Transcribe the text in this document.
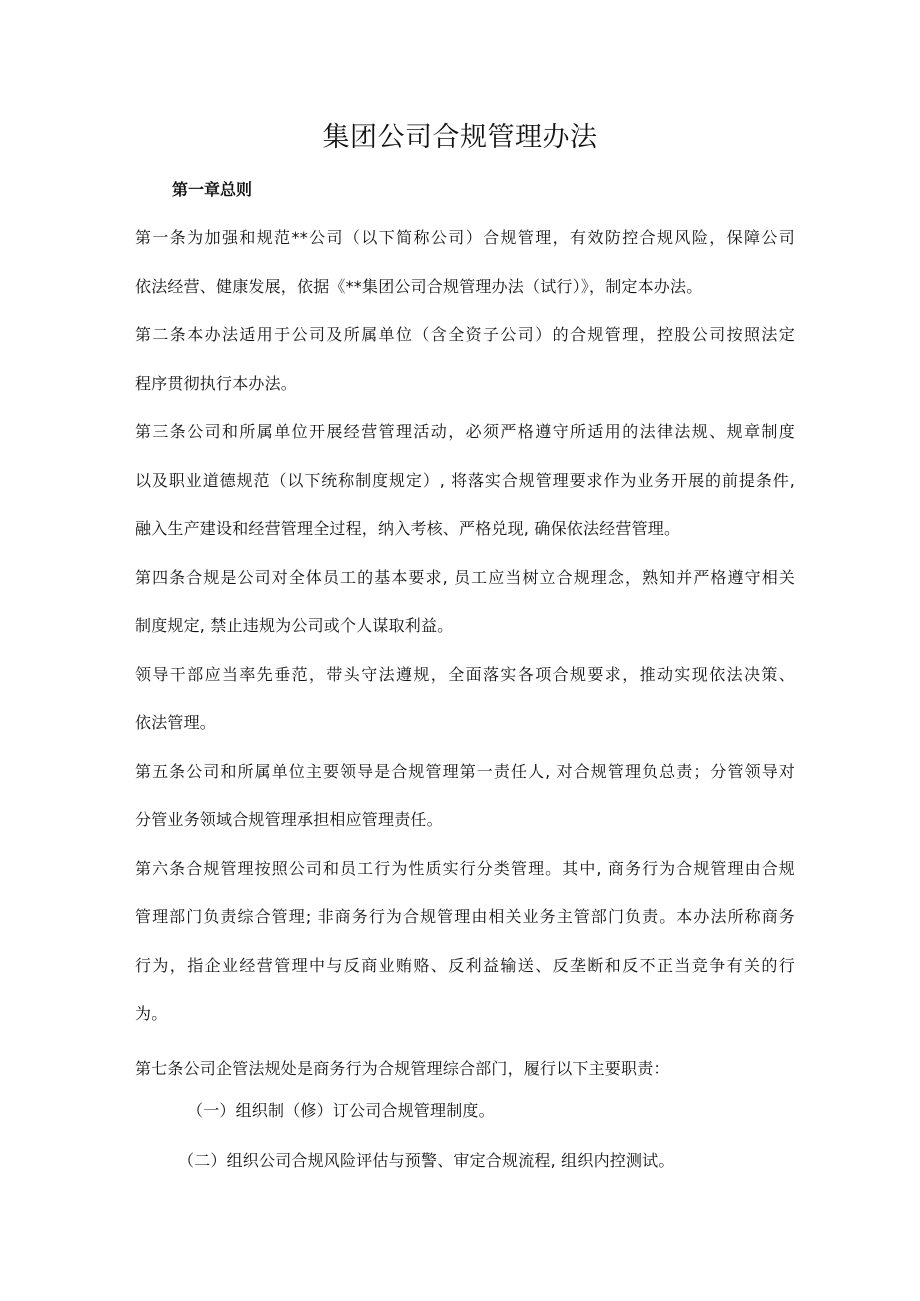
集团公司合规管理办法

第一章总则

第一条为加强和规范**公司（以下简称公司）合规管理，有效防控合规风险，保障公司

依法经营、健康发展，依据《**集团公司合规管理办法（试行）》，制定本办法。

第二条本办法适用于公司及所属单位（含全资子公司）的合规管理，控股公司按照法定

程序贯彻执行本办法。

第三条公司和所属单位开展经营管理活动，必须严格遵守所适用的法律法规、规章制度

以及职业道德规范（以下统称制度规定）, 将落实合规管理要求作为业务开展的前提条件,

融入生产建设和经营管理全过程，纳入考核、严格兑现, 确保依法经营管理。

第四条合规是公司对全体员工的基本要求, 员工应当树立合规理念，熟知并严格遵守相关

制度规定, 禁止违规为公司或个人谋取利益。

领导干部应当率先垂范，带头守法遵规，全面落实各项合规要求，推动实现依法决策、

依法管理。

第五条公司和所属单位主要领导是合规管理第一责任人, 对合规管理负总责；分管领导对

分管业务领域合规管理承担相应管理责任。

第六条合规管理按照公司和员工行为性质实行分类管理。其中, 商务行为合规管理由合规

管理部门负责综合管理; 非商务行为合规管理由相关业务主管部门负责。本办法所称商务

行为，指企业经营管理中与反商业贿赂、反利益输送、反垄断和反不正当竞争有关的行

为。

第七条公司企管法规处是商务行为合规管理综合部门，履行以下主要职责：

（一）组织制（修）订公司合规管理制度。

（二）组织公司合规风险评估与预警、审定合规流程, 组织内控测试。
